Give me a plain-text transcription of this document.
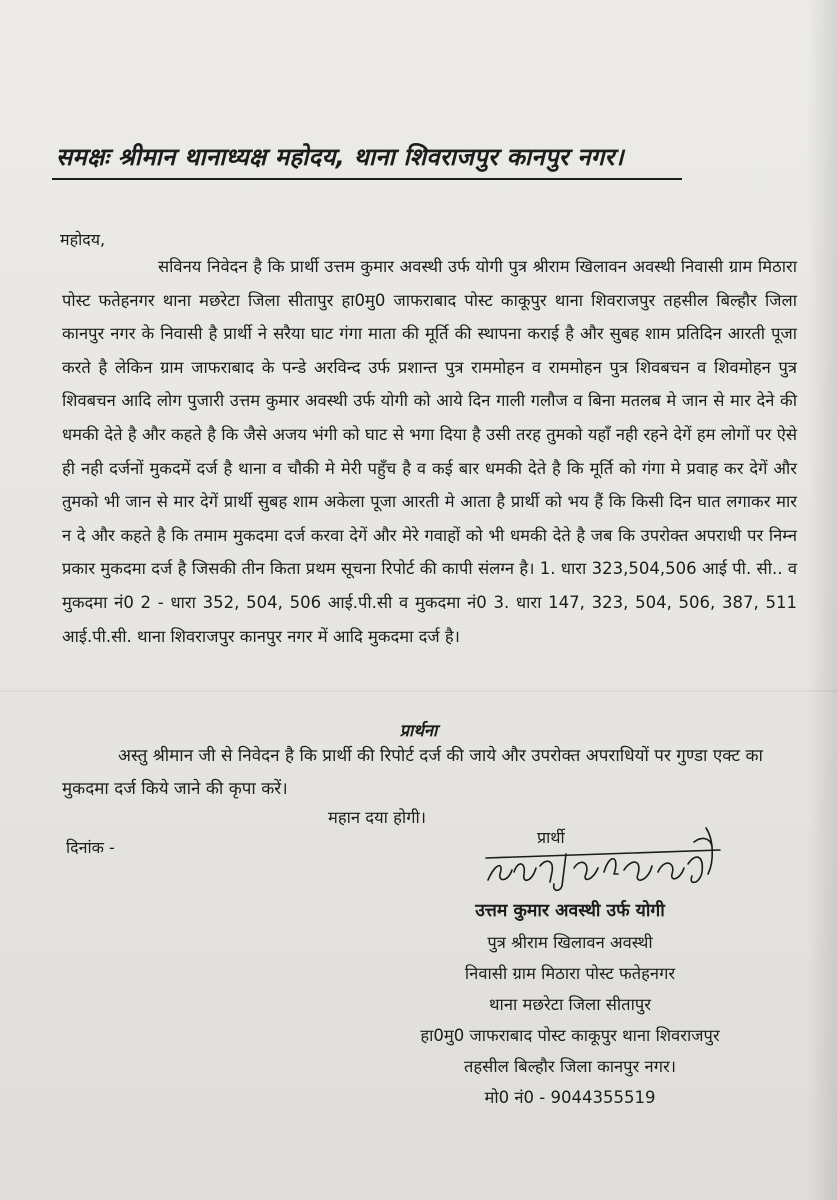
समक्षः श्रीमान थानाध्यक्ष महोदय, थाना शिवराजपुर कानपुर नगर।
महोदय,

सविनय निवेदन है कि प्रार्थी उत्तम कुमार अवस्थी उर्फ योगी पुत्र श्रीराम खिलावन अवस्थी निवासी ग्राम मिठारा पोस्ट फतेहनगर थाना मछरेटा जिला सीतापुर हा0मु0 जाफराबाद पोस्ट काकूपुर थाना शिवराजपुर तहसील बिल्हौर जिला कानपुर नगर के निवासी है प्रार्थी ने सरैया घाट गंगा माता की मूर्ति की स्थापना कराई है और सुबह शाम प्रतिदिन आरती पूजा करते है लेकिन ग्राम जाफराबाद के पन्डे अरविन्द उर्फ प्रशान्त पुत्र राममोहन व राममोहन पुत्र शिवबचन व शिवमोहन पुत्र शिवबचन आदि लोग पुजारी उत्तम कुमार अवस्थी उर्फ योगी को आये दिन गाली गलौज व बिना मतलब मे जान से मार देने की धमकी देते है और कहते है कि जैसे अजय भंगी को घाट से भगा दिया है उसी तरह तुमको यहाँ नही रहने देगें हम लोगों पर ऐसे ही नही दर्जनों मुकदमें दर्ज है थाना व चौकी मे मेरी पहुँच है व कई बार धमकी देते है कि मूर्ति को गंगा मे प्रवाह कर देगें और तुमको भी जान से मार देगें प्रार्थी सुबह शाम अकेला पूजा आरती मे आता है प्रार्थी को भय हैं कि किसी दिन घात लगाकर मार न दे और कहते है कि तमाम मुकदमा दर्ज करवा देगें और मेरे गवाहों को भी धमकी देते है जब कि उपरोक्त अपराधी पर निम्न प्रकार मुकदमा दर्ज है जिसकी तीन किता प्रथम सूचना रिपोर्ट की कापी संलग्न है। 1. धारा 323,504,506 आई पी. सी.. व मुकदमा नं0 2 - धारा 352, 504, 506 आई.पी.सी व मुकदमा नं0 3. धारा 147, 323, 504, 506, 387, 511 आई.पी.सी. थाना शिवराजपुर कानपुर नगर में आदि मुकदमा दर्ज है।

प्रार्थना

अस्तु श्रीमान जी से निवेदन है कि प्रार्थी की रिपोर्ट दर्ज की जाये और उपरोक्त अपराधियों पर गुण्डा एक्ट का मुकदमा दर्ज किये जाने की कृपा करें।

महान दया होगी।
दिनांक -
प्रार्थी
उत्तम कुमार अवस्थी उर्फ योगी
पुत्र श्रीराम खिलावन अवस्थी
निवासी ग्राम मिठारा पोस्ट फतेहनगर
थाना मछरेटा जिला सीतापुर
हा0मु0 जाफराबाद पोस्ट काकूपुर थाना शिवराजपुर
तहसील बिल्हौर जिला कानपुर नगर।
मो0 नं0 - 9044355519
